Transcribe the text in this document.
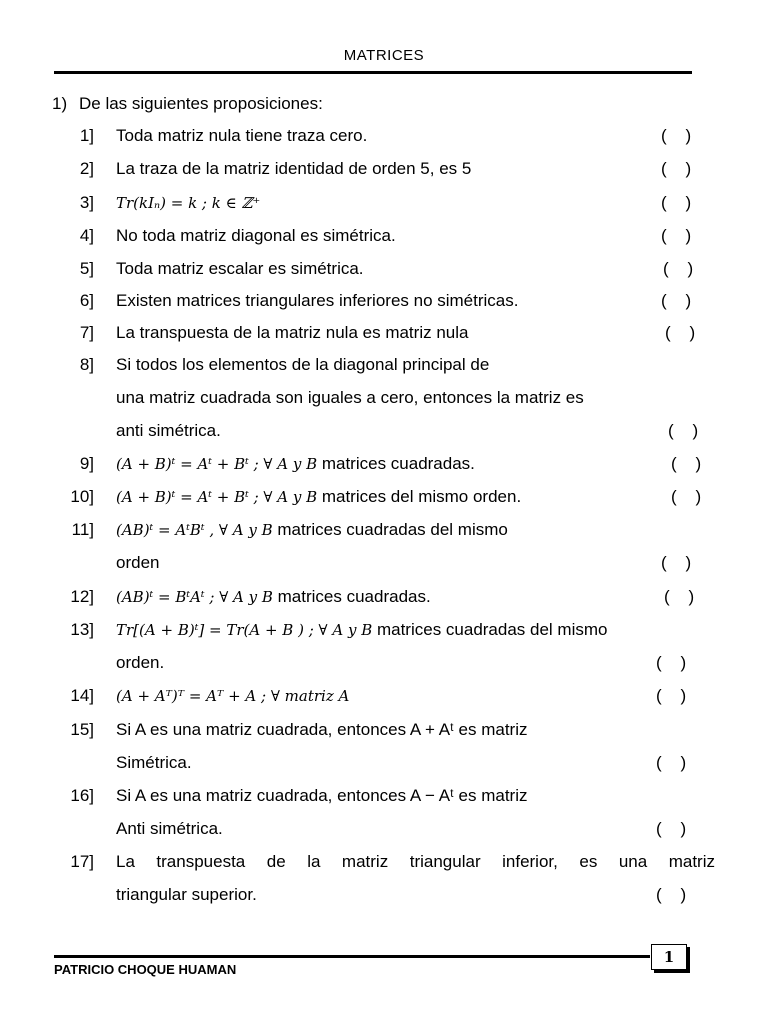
MATRICES
1) De las siguientes proposiciones:
1] Toda matriz nula tiene traza cero.	(    )
2] La traza de la matriz identidad de orden 5, es 5	(    )
3] Tr(kIₙ) = k ; k ∈ ℤ⁺	(    )
4] No toda matriz diagonal es simétrica.	(    )
5] Toda matriz escalar es simétrica.	(    )
6] Existen matrices triangulares inferiores no simétricas.	(    )
7] La transpuesta de la matriz nula es matriz nula	(    )
8] Si todos los elementos de la diagonal principal de
una matriz cuadrada son iguales a cero, entonces la matriz es
anti simétrica.	(    )
9] (A + B)ᵗ = Aᵗ + Bᵗ ; ∀ A y B matrices cuadradas.	(    )
10] (A + B)ᵗ = Aᵗ + Bᵗ ; ∀ A y B matrices del mismo orden.	(    )
11] (AB)ᵗ = AᵗBᵗ , ∀ A y B matrices cuadradas del mismo
orden	(    )
12] (AB)ᵗ = BᵗAᵗ ; ∀ A y B matrices cuadradas.	(    )
13] Tr[(A + B)ᵗ] = Tr(A + B ) ; ∀ A y B matrices cuadradas del mismo
orden.	(    )
14] (A + Aᵀ)ᵀ = Aᵀ + A ; ∀ matriz A	(    )
15] Si A es una matriz cuadrada, entonces A + Aᵗ es matriz
Simétrica.	(    )
16] Si A es una matriz cuadrada, entonces A − Aᵗ es matriz
Anti simétrica.	(    )
17] La transpuesta de la matriz triangular inferior, es una matriz
triangular superior.	(    )
PATRICIO CHOQUE HUAMAN
1
